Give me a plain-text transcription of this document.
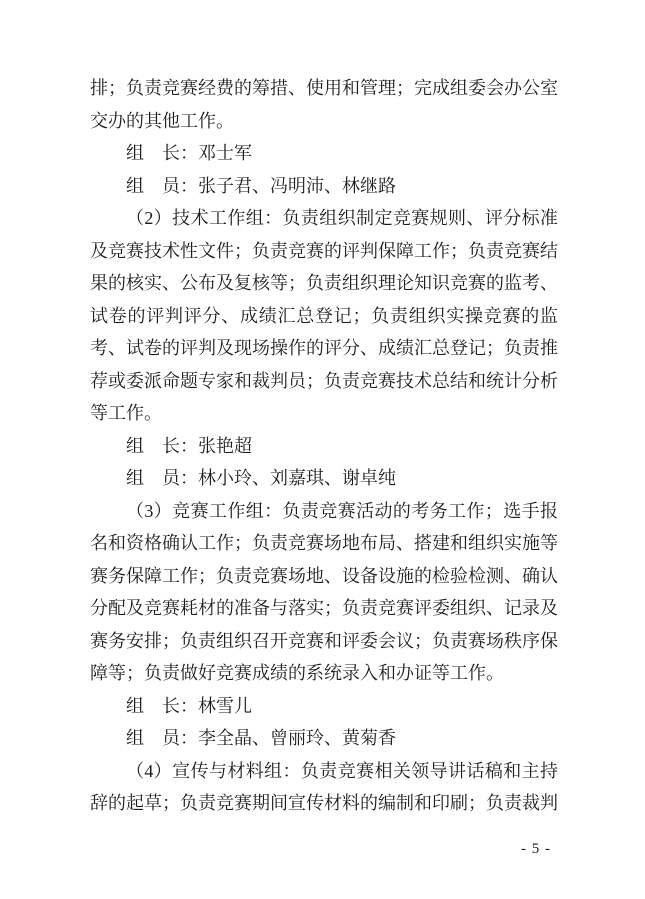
排；负责竞赛经费的筹措、使用和管理；完成组委会办公室交办的其他工作。

组　长：邓士军

组　员：张子君、冯明沛、林继路

（2）技术工作组：负责组织制定竞赛规则、评分标准及竞赛技术性文件；负责竞赛的评判保障工作；负责竞赛结果的核实、公布及复核等；负责组织理论知识竞赛的监考、试卷的评判评分、成绩汇总登记；负责组织实操竞赛的监考、试卷的评判及现场操作的评分、成绩汇总登记；负责推荐或委派命题专家和裁判员；负责竞赛技术总结和统计分析等工作。

组　长：张艳超

组　员：林小玲、刘嘉琪、谢卓纯

（3）竞赛工作组：负责竞赛活动的考务工作；选手报名和资格确认工作；负责竞赛场地布局、搭建和组织实施等赛务保障工作；负责竞赛场地、设备设施的检验检测、确认分配及竞赛耗材的准备与落实；负责竞赛评委组织、记录及赛务安排；负责组织召开竞赛和评委会议；负责赛场秩序保障等；负责做好竞赛成绩的系统录入和办证等工作。

组　长：林雪儿

组　员：李全晶、曾丽玲、黄菊香

（4）宣传与材料组：负责竞赛相关领导讲话稿和主持辞的起草；负责竞赛期间宣传材料的编制和印刷；负责裁判

- 5 -
